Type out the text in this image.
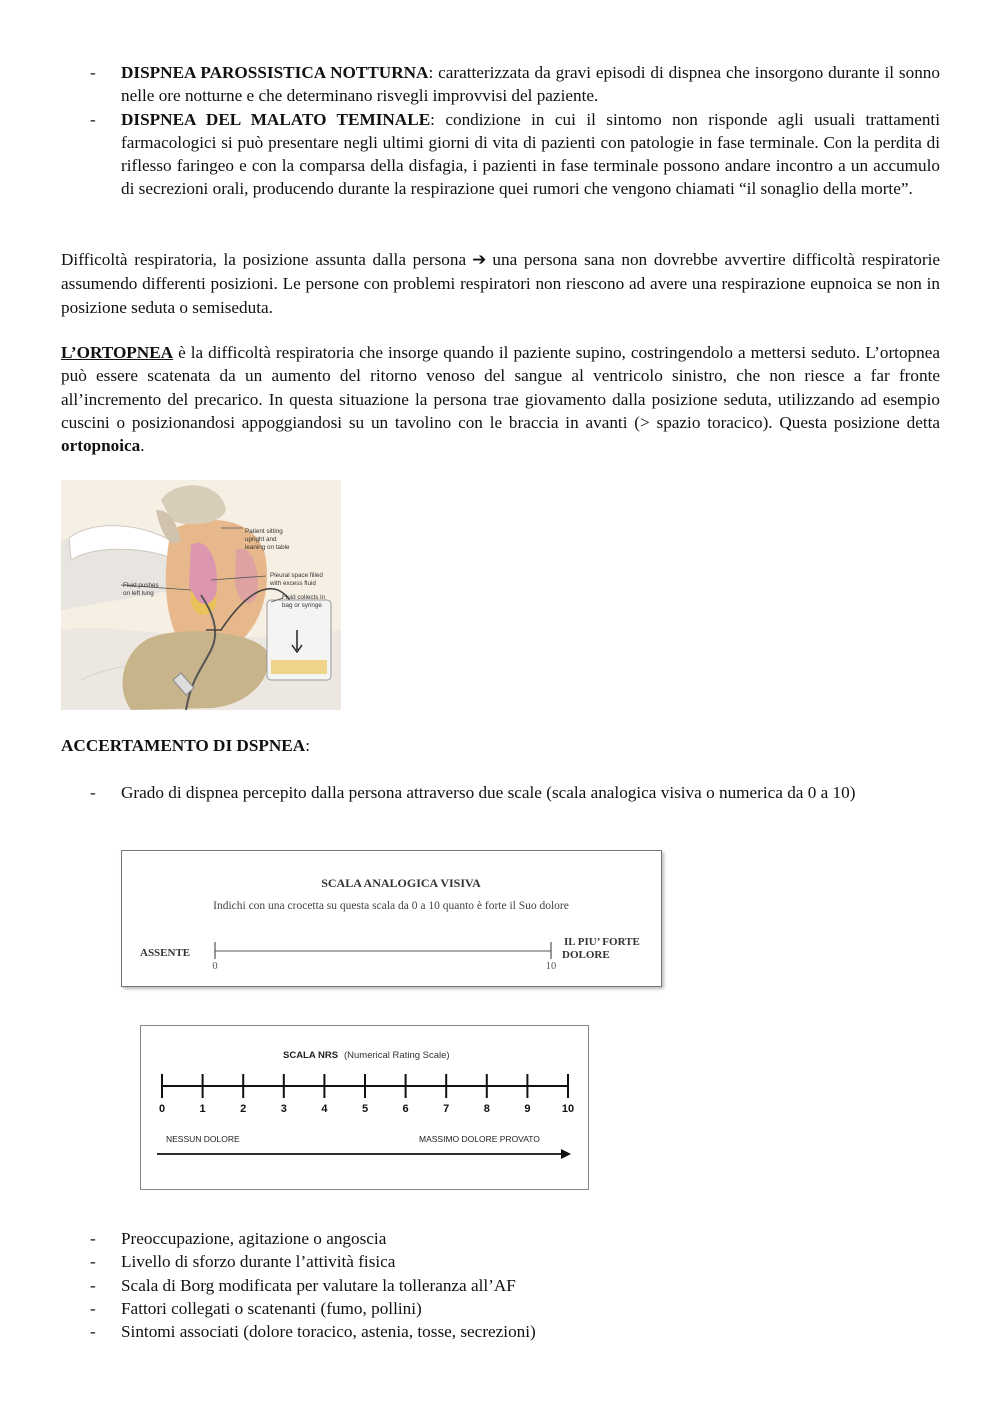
- DISPNEA PAROSSISTICA NOTTURNA: caratterizzata da gravi episodi di dispnea che insorgono durante il sonno nelle ore notturne e che determinano risvegli improvvisi del paziente.
- DISPNEA DEL MALATO TEMINALE: condizione in cui il sintomo non risponde agli usuali trattamenti farmacologici si può presentare negli ultimi giorni di vita di pazienti con patologie in fase terminale. Con la perdita di riflesso faringeo e con la comparsa della disfagia, i pazienti in fase terminale possono andare incontro a un accumulo di secrezioni orali, producendo durante la respirazione quei rumori che vengono chiamati “il sonaglio della morte”.

Difficoltà respiratoria, la posizione assunta dalla persona ➔ una persona sana non dovrebbe avvertire difficoltà respiratorie assumendo differenti posizioni. Le persone con problemi respiratori non riescono ad avere una respirazione eupnoica se non in posizione seduta o semiseduta.

L’ORTOPNEA è la difficoltà respiratoria che insorge quando il paziente supino, costringendolo a mettersi seduto. L’ortopnea può essere scatenata da un aumento del ritorno venoso del sangue al ventricolo sinistro, che non riesce a far fronte all’incremento del precarico. In questa situazione la persona trae giovamento dalla posizione seduta, utilizzando ad esempio cuscini o posizionandosi appoggiandosi su un tavolino con le braccia in avanti (> spazio toracico). Questa posizione detta ortopnoica.

Patient sitting
upright and
leaning on table
Pleural space filled
with excess fluid
Fluid collects in
bag or syringe
Fluid pushes
on left lung

ACCERTAMENTO DI DSPNEA:

- Grado di dispnea percepito dalla persona attraverso due scale (scala analogica visiva o numerica da 0 a 10)
SCALA ANALOGICA VISIVA
Indichi con una crocetta su questa scala da 0 a 10 quanto è forte il Suo dolore
ASSENTE
0	10
IL PIU’ FORTE
DOLORE
SCALA NRS (Numerical Rating Scale)
0	1	2	3	4	5	6	7	8	9	10
NESSUN DOLORE	MASSIMO DOLORE PROVATO
- Preoccupazione, agitazione o angoscia
- Livello di sforzo durante l’attività fisica
- Scala di Borg modificata per valutare la tolleranza all’AF
- Fattori collegati o scatenanti (fumo, pollini)
- Sintomi associati (dolore toracico, astenia, tosse, secrezioni)
